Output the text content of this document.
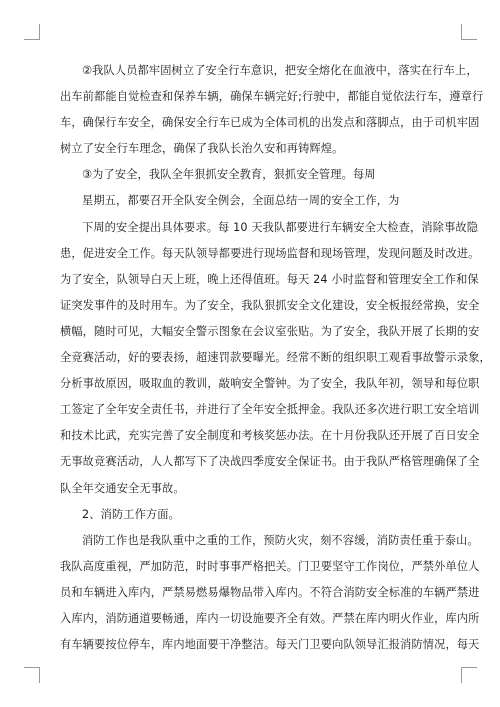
②我队人员都牢固树立了安全行车意识，把安全熔化在血液中，落实在行车上，
出车前都能自觉检查和保养车辆，确保车辆完好;行驶中，都能自觉依法行车，遵章行
车，确保行车安全，确保安全行车已成为全体司机的出发点和落脚点，由于司机牢固
树立了安全行车理念，确保了我队长治久安和再铸辉煌。
③为了安全，我队全年狠抓安全教育，狠抓安全管理。每周
星期五，都要召开全队安全例会，全面总结一周的安全工作，为
下周的安全提出具体要求。每 10 天我队都要进行车辆安全大检查，消除事故隐
患，促进安全工作。每天队领导都要进行现场监督和现场管理，发现问题及时改进。
为了安全，队领导白天上班，晚上还得值班。每天 24 小时监督和管理安全工作和保
证突发事件的及时用车。为了安全，我队狠抓安全文化建设，安全板报经常换，安全
横幅，随时可见，大幅安全警示图象在会议室张贴。为了安全，我队开展了长期的安
全竞赛活动，好的要表扬，超速罚款要曝光。经常不断的组织职工观看事故警示录象，
分析事故原因，吸取血的教训，敲响安全警钟。为了安全，我队年初，领导和每位职
工签定了全年安全责任书，并进行了全年安全抵押金。我队还多次进行职工安全培训
和技术比武，充实完善了安全制度和考核奖惩办法。在十月份我队还开展了百日安全
无事故竞赛活动，人人都写下了决战四季度安全保证书。由于我队严格管理确保了全
队全年交通安全无事故。
2、消防工作方面。
消防工作也是我队重中之重的工作，预防火灾，刻不容缓，消防责任重于泰山。
我队高度重视，严加防范，时时事事严格把关。门卫要坚守工作岗位，严禁外单位人
员和车辆进入库内，严禁易燃易爆物品带入库内。不符合消防安全标准的车辆严禁进
入库内，消防通道要畅通，库内一切设施要齐全有效。严禁在库内明火作业，库内所
有车辆要按位停车，库内地面要干净整洁。每天门卫要向队领导汇报消防情况，每天
